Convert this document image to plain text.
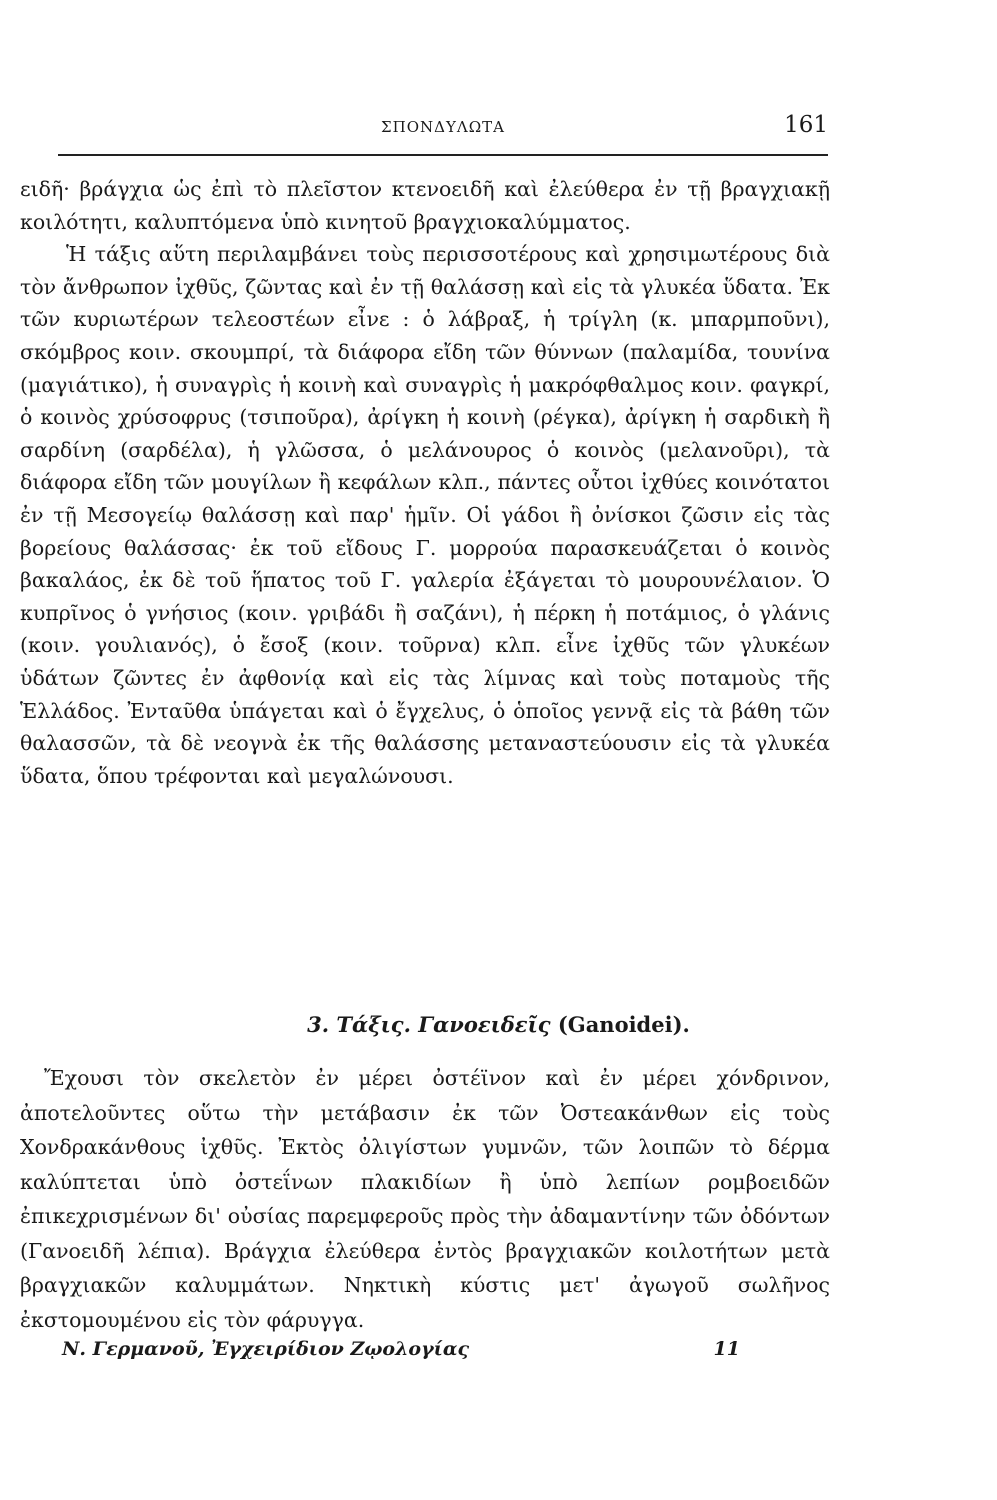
ΣΠΟΝΔΥΛΩΤΑ	161

ειδῆ· βράγχια ὡς ἐπὶ τὸ πλεῖστον κτενοειδῆ καὶ ἐλεύθερα ἐν τῇ βραγχιακῇ κοιλότητι, καλυπτόμενα ὑπὸ κινητοῦ βραγχιοκαλύμματος.

Ἡ τάξις αὕτη περιλαμβάνει τοὺς περισσοτέρους καὶ χρησιμωτέρους διὰ τὸν ἄνθρωπον ἰχθῦς, ζῶντας καὶ ἐν τῇ θαλάσσῃ καὶ εἰς τὰ γλυκέα ὕδατα. Ἐκ τῶν κυριωτέρων τελεοστέων εἶνε : ὁ λάβραξ, ἡ τρίγλη (κ. μπαρμποῦνι), σκόμβρος κοιν. σκουμπρί, τὰ διάφορα εἴδη τῶν θύννων (παλαμίδα, τουνίνα (μαγιάτικο), ἡ συναγρὶς ἡ κοινὴ καὶ συναγρὶς ἡ μακρόφθαλμος κοιν. φαγκρί, ὁ κοινὸς χρύσοφρυς (τσιποῦρα), ἀρίγκη ἡ κοινὴ (ρέγκα), ἀρίγκη ἡ σαρδικὴ ἢ σαρδίνη (σαρδέλα), ἡ γλῶσσα, ὁ μελάνουρος ὁ κοινὸς (μελανοῦρι), τὰ διάφορα εἴδη τῶν μουγίλων ἢ κεφάλων κλπ., πάντες οὗτοι ἰχθύες κοινότατοι ἐν τῇ Μεσογείῳ θαλάσσῃ καὶ παρ' ἡμῖν. Οἱ γάδοι ἢ ὀνίσκοι ζῶσιν εἰς τὰς βορείους θαλάσσας· ἐκ τοῦ εἴδους Γ. μορρούα παρασκευάζεται ὁ κοινὸς βακαλάος, ἐκ δὲ τοῦ ἥπατος τοῦ Γ. γαλερία ἐξάγεται τὸ μουρουνέλαιον. Ὁ κυπρῖνος ὁ γνήσιος (κοιν. γριβάδι ἢ σαζάνι), ἡ πέρκη ἡ ποτάμιος, ὁ γλάνις (κοιν. γουλιανός), ὁ ἔσοξ (κοιν. τοῦρνα) κλπ. εἶνε ἰχθῦς τῶν γλυκέων ὑδάτων ζῶντες ἐν ἀφθονίᾳ καὶ εἰς τὰς λίμνας καὶ τοὺς ποταμοὺς τῆς Ἑλλάδος. Ἐνταῦθα ὑπάγεται καὶ ὁ ἔγχελυς, ὁ ὁποῖος γεννᾷ εἰς τὰ βάθη τῶν θαλασσῶν, τὰ δὲ νεογνὰ ἐκ τῆς θαλάσσης μεταναστεύουσιν εἰς τὰ γλυκέα ὕδατα, ὅπου τρέφονται καὶ μεγαλώνουσι.

3. Τάξις. Γανοειδεῖς (Ganoidei).

Ἔχουσι τὸν σκελετὸν ἐν μέρει ὀστέϊνον καὶ ἐν μέρει χόνδρινον, ἀποτελοῦντες οὕτω τὴν μετάβασιν ἐκ τῶν Ὀστεακάνθων εἰς τοὺς Χονδρακάνθους ἰχθῦς. Ἐκτὸς ὀλιγίστων γυμνῶν, τῶν λοιπῶν τὸ δέρμα καλύπτεται ὑπὸ ὀστεΐνων πλακιδίων ἢ ὑπὸ λεπίων ρομβοειδῶν ἐπικεχρισμένων δι' οὐσίας παρεμφεροῦς πρὸς τὴν ἀδαμαντίνην τῶν ὀδόντων (Γανοειδῆ λέπια). Βράγχια ἐλεύθερα ἐντὸς βραγχιακῶν κοιλοτήτων μετὰ βραγχιακῶν καλυμμάτων. Νηκτικὴ κύστις μετ' ἀγωγοῦ σωλῆνος ἐκστομουμένου εἰς τὸν φάρυγγα.

Ν. Γερμανοῦ, Ἐγχειρίδιον Ζῳολογίας	11
